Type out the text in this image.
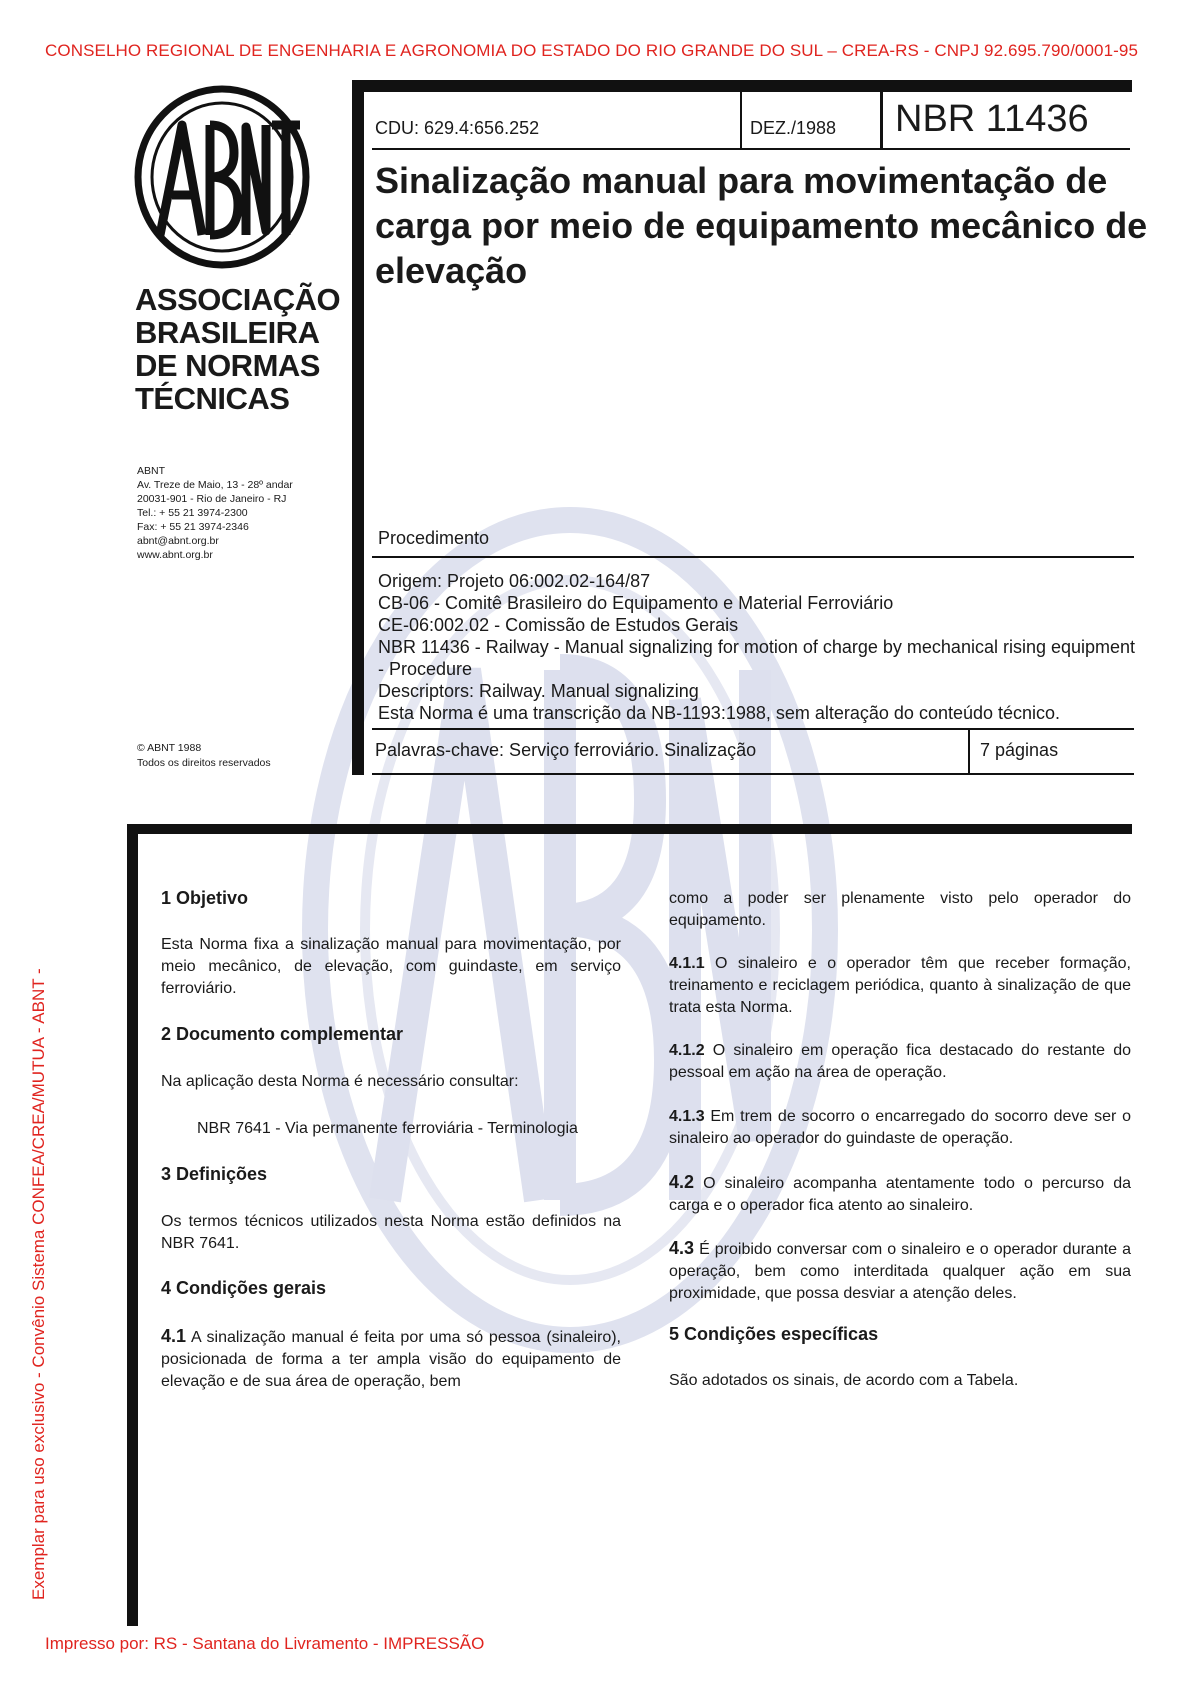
CONSELHO REGIONAL DE ENGENHARIA E AGRONOMIA DO ESTADO DO RIO GRANDE DO SUL – CREA-RS - CNPJ 92.695.790/0001-95
Exemplar para uso exclusivo - Convênio Sistema CONFEA/CREA/MUTUA - ABNT -
Impresso por: RS - Santana do Livramento - IMPRESSÃO
ASSOCIAÇÃO
BRASILEIRA
DE NORMAS
TÉCNICAS
ABNT
Av. Treze de Maio, 13 - 28º andar
20031-901 - Rio de Janeiro - RJ
Tel.: + 55 21 3974-2300
Fax: + 55 21 3974-2346
abnt@abnt.org.br
www.abnt.org.br
© ABNT 1988
Todos os direitos reservados
CDU: 629.4:656.252	DEZ./1988 NBR 11436
Sinalização manual para movimentação de carga por meio de equipamento mecânico de elevação
Procedimento
Origem: Projeto 06:002.02-164/87
CB-06 - Comitê Brasileiro do Equipamento e Material Ferroviário
CE-06:002.02 - Comissão de Estudos Gerais
NBR 11436 - Railway - Manual signalizing for motion of charge by mechanical rising equipment - Procedure
Descriptors: Railway. Manual signalizing
Esta Norma é uma transcrição da NB-1193:1988, sem alteração do conteúdo técnico.
Palavras-chave: Serviço ferroviário. Sinalização	7 páginas
1 Objetivo
Esta Norma fixa a sinalização manual para movimentação, por meio mecânico, de elevação, com guindaste, em serviço ferroviário.
2 Documento complementar
Na aplicação desta Norma é necessário consultar:
NBR 7641 - Via permanente ferroviária - Terminologia
3 Definições
Os termos técnicos utilizados nesta Norma estão definidos na NBR 7641.
4 Condições gerais
4.1 A sinalização manual é feita por uma só pessoa (sinaleiro), posicionada de forma a ter ampla visão do equipamento de elevação e de sua área de operação, bem
como a poder ser plenamente visto pelo operador do equipamento.
4.1.1 O sinaleiro e o operador têm que receber formação, treinamento e reciclagem periódica, quanto à sinalização de que trata esta Norma.
4.1.2 O sinaleiro em operação fica destacado do restante do pessoal em ação na área de operação.
4.1.3 Em trem de socorro o encarregado do socorro deve ser o sinaleiro ao operador do guindaste de operação.
4.2 O sinaleiro acompanha atentamente todo o percurso da carga e o operador fica atento ao sinaleiro.
4.3 É proibido conversar com o sinaleiro e o operador durante a operação, bem como interditada qualquer ação em sua proximidade, que possa desviar a atenção deles.
5 Condições específicas
São adotados os sinais, de acordo com a Tabela.
